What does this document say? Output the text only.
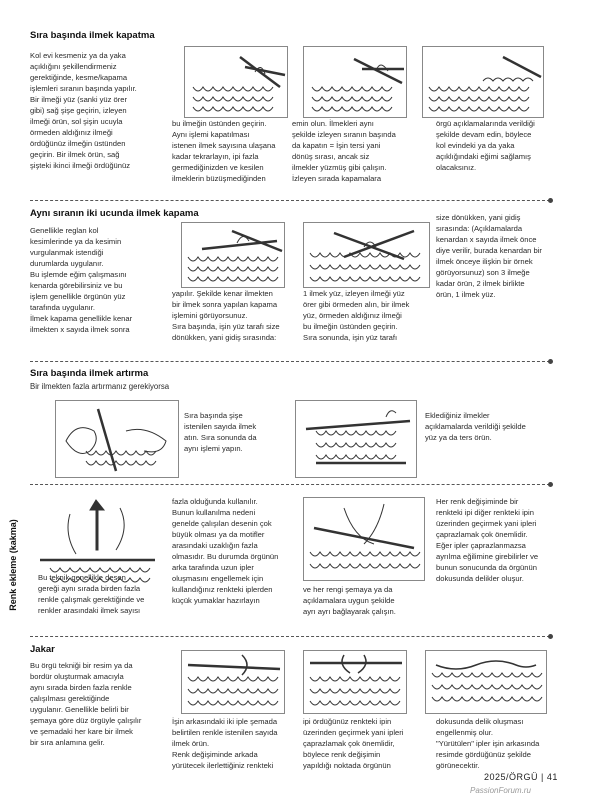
Sıra başında ilmek kapatma
Kol evi kesmeniz ya da yaka
açıklığını şekillendirmeniz
gerektiğinde, kesme/kapama
işlemleri sıranın başında yapılır.
Bir ilmeği yüz (sanki yüz örer
gibi) sağ şişe geçirin, izleyen
ilmeği örün, sol şişin ucuyla
örmeden aldığınız ilmeği
ördüğünüz ilmeğin üstünden
geçirin. Bir ilmek örün, sağ
şişteki ikinci ilmeği ördüğünüz
bu ilmeğin üstünden geçirin.
Aynı işlemi kapatılması
istenen ilmek sayısına ulaşana
kadar tekrarlayın, ipi fazla
germediğinizden ve kesilen
ilmeklerin büzüşmediğinden
emin olun. İlmekleri aynı
şekilde izleyen sıranın başında
da kapatın = İşin tersi yani
dönüş sırası, ancak siz
ilmekler yüzmüş gibi çalışın.
İzleyen sırada kapamalara
örgü açıklamalarında verildiği
şekilde devam edin, böylece
kol evindeki ya da yaka
açıklığındaki eğimi sağlamış
olacaksınız.
Aynı sıranın iki ucunda ilmek kapama
Genellikle reglan kol
kesimlerinde ya da kesimin
vurgulanmak istendiği
durumlarda uygulanır.
Bu işlemde eğim çalışmasını
kenarda görebilirsiniz ve bu
işlem genellikle örgünün yüz
tarafında uygulanır.
İlmek kapama genellikle kenar
ilmekten x sayıda ilmek sonra
yapılır. Şekilde kenar ilmekten
bir ilmek sonra yapılan kapama
işlemini görüyorsunuz.
Sıra başında, işin yüz tarafı size
dönükken, yani gidiş sırasında:
1 ilmek yüz, izleyen ilmeği yüz
örer gibi örmeden alın, bir ilmek
yüz, örmeden aldığınız ilmeği
bu ilmeğin üstünden geçirin.
Sıra sonunda, işin yüz tarafı
size dönükken, yani gidiş
sırasında: (Açıklamalarda
kenardan x sayıda ilmek önce
diye verilir, burada kenardan bir
ilmek önceye ilişkin bir örnek
görüyorsunuz) son 3 ilmeğe
kadar örün, 2 ilmek birlikte
örün, 1 ilmek yüz.
Sıra başında ilmek artırma
Bir ilmekten fazla artırmanız gerekiyorsa
Sıra başında şişe
istenilen sayıda ilmek
atın. Sıra sonunda da
aynı işlemi yapın.
Eklediğiniz ilmekler
açıklamalarda verildiği şekilde
yüz ya da ters örün.
Renk ekleme (kakma)	Bu teknik genellikle desen
gereği aynı sırada birden fazla
renkle çalışmak gerektiğinde ve
renkler arasındaki ilmek sayısı
fazla olduğunda kullanılır.
Bunun kullanılma nedeni
genelde çalışılan desenin çok
büyük olması ya da motifler
arasındaki uzaklığın fazla
olmasıdır. Bu durumda örgünün
arka tarafında uzun ipler
oluşmasını engellemek için
kullandığınız renkteki iplerden
küçük yumaklar hazırlayın
ve her rengi şemaya ya da
açıklamalara uygun şekilde
ayrı ayrı bağlayarak çalışın.
Her renk değişiminde bir
renkteki ipi diğer renkteki ipin
üzerinden geçirmek yani ipleri
çaprazlamak çok önemlidir.
Eğer ipler çaprazlanmazsa
ayrılma eğilimine girebilirler ve
bunun sonucunda da örgünün
dokusunda delikler oluşur.
Jakar
Bu örgü tekniği bir resim ya da
bordür oluşturmak amacıyla
aynı sırada birden fazla renkle
çalışılması gerektiğinde
uygulanır. Genellikle belirli bir
şemaya göre düz örgüyle çalışılır
ve şemadaki her kare bir ilmek
bir sıra anlamına gelir.
İşin arkasındaki iki iple şemada
belirtilen renkle istenilen sayıda
ilmek örün.
Renk değişiminde arkada
yürütecek ilerlettiğiniz renkteki
ipi ördüğünüz renkteki ipin
üzerinden geçirmek yani ipleri
çaprazlamak çok önemlidir,
böylece renk değişimin
yapıldığı noktada örgünün
dokusunda delik oluşması
engellenmiş olur.
"Yürütülen" ipler işin arkasında
resimde gördüğünüz şekilde
görünecektir.
2025/ÖRGÜ | 41
PassionForum.ru
